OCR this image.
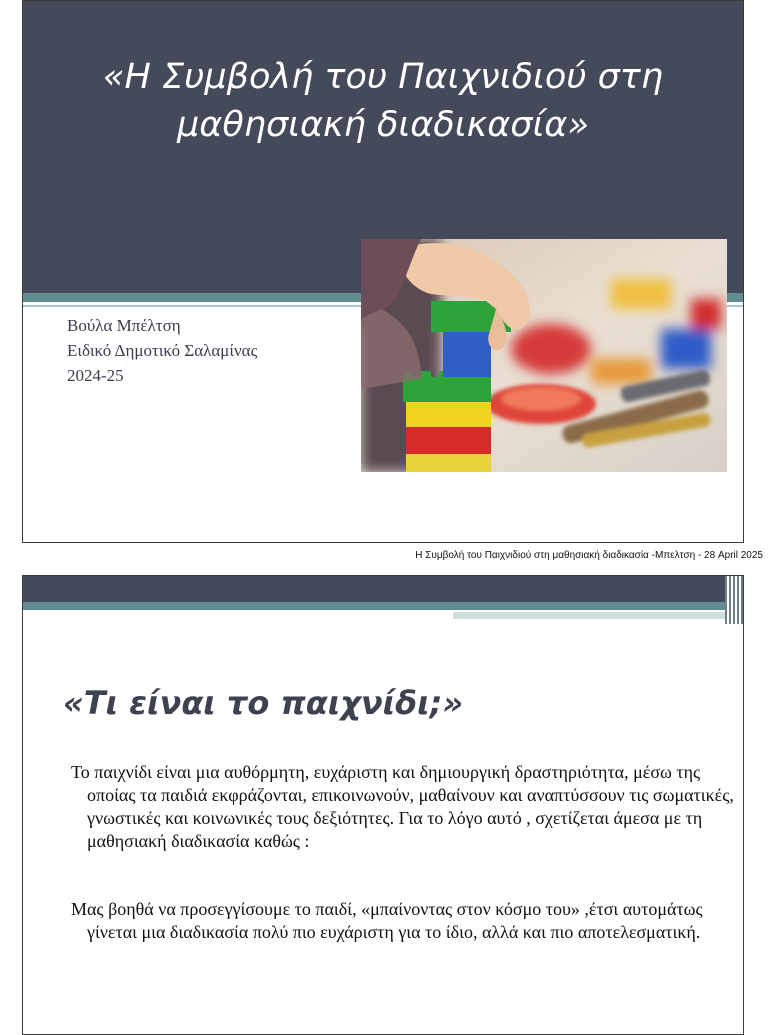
«Η Συμβολή του Παιχνιδιού στη μαθησιακή διαδικασία»
Βούλα Μπέλτση
Ειδικό Δημοτικό Σαλαμίνας
2024-25
Η Συμβολή του Παιχνιδιού στη μαθησιακή διαδικασία -Μπελτση - 28 April 2025
«Τι είναι το παιχνίδι;»

Το παιχνίδι είναι μια αυθόρμητη, ευχάριστη και δημιουργική δραστηριότητα, μέσω της οποίας τα παιδιά εκφράζονται, επικοινωνούν, μαθαίνουν και αναπτύσσουν τις σωματικές, γνωστικές και κοινωνικές τους δεξιότητες. Για το λόγο αυτό , σχετίζεται άμεσα με τη μαθησιακή διαδικασία καθώς :

Μας βοηθά να προσεγγίσουμε το παιδί, «μπαίνοντας στον κόσμο του» ,έτσι αυτομάτως γίνεται μια διαδικασία πολύ πιο ευχάριστη για το ίδιο, αλλά και πιο αποτελεσματική.
